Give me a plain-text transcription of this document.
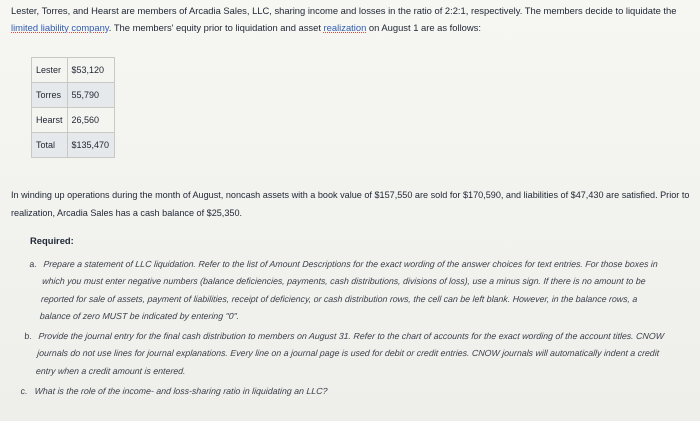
Lester, Torres, and Hearst are members of Arcadia Sales, LLC, sharing income and losses in the ratio of 2:2:1, respectively. The members decide to liquidate the limited liability company. The members' equity prior to liquidation and asset realization on August 1 are as follows:
Lester	$53,120
Torres	55,790
Hearst	26,560
Total	$135,470
In winding up operations during the month of August, noncash assets with a book value of $157,550 are sold for $170,590, and liabilities of $47,430 are satisfied. Prior to realization, Arcadia Sales has a cash balance of $25,350.
Required:
a. Prepare a statement of LLC liquidation. Refer to the list of Amount Descriptions for the exact wording of the answer choices for text entries. For those boxes in which you must enter negative numbers (balance deficiencies, payments, cash distributions, divisions of loss), use a minus sign. If there is no amount to be reported for sale of assets, payment of liabilities, receipt of deficiency, or cash distribution rows, the cell can be left blank. However, in the balance rows, a balance of zero MUST be indicated by entering "0".
b. Provide the journal entry for the final cash distribution to members on August 31. Refer to the chart of accounts for the exact wording of the account titles. CNOW journals do not use lines for journal explanations. Every line on a journal page is used for debit or credit entries. CNOW journals will automatically indent a credit entry when a credit amount is entered.
c. What is the role of the income- and loss-sharing ratio in liquidating an LLC?
